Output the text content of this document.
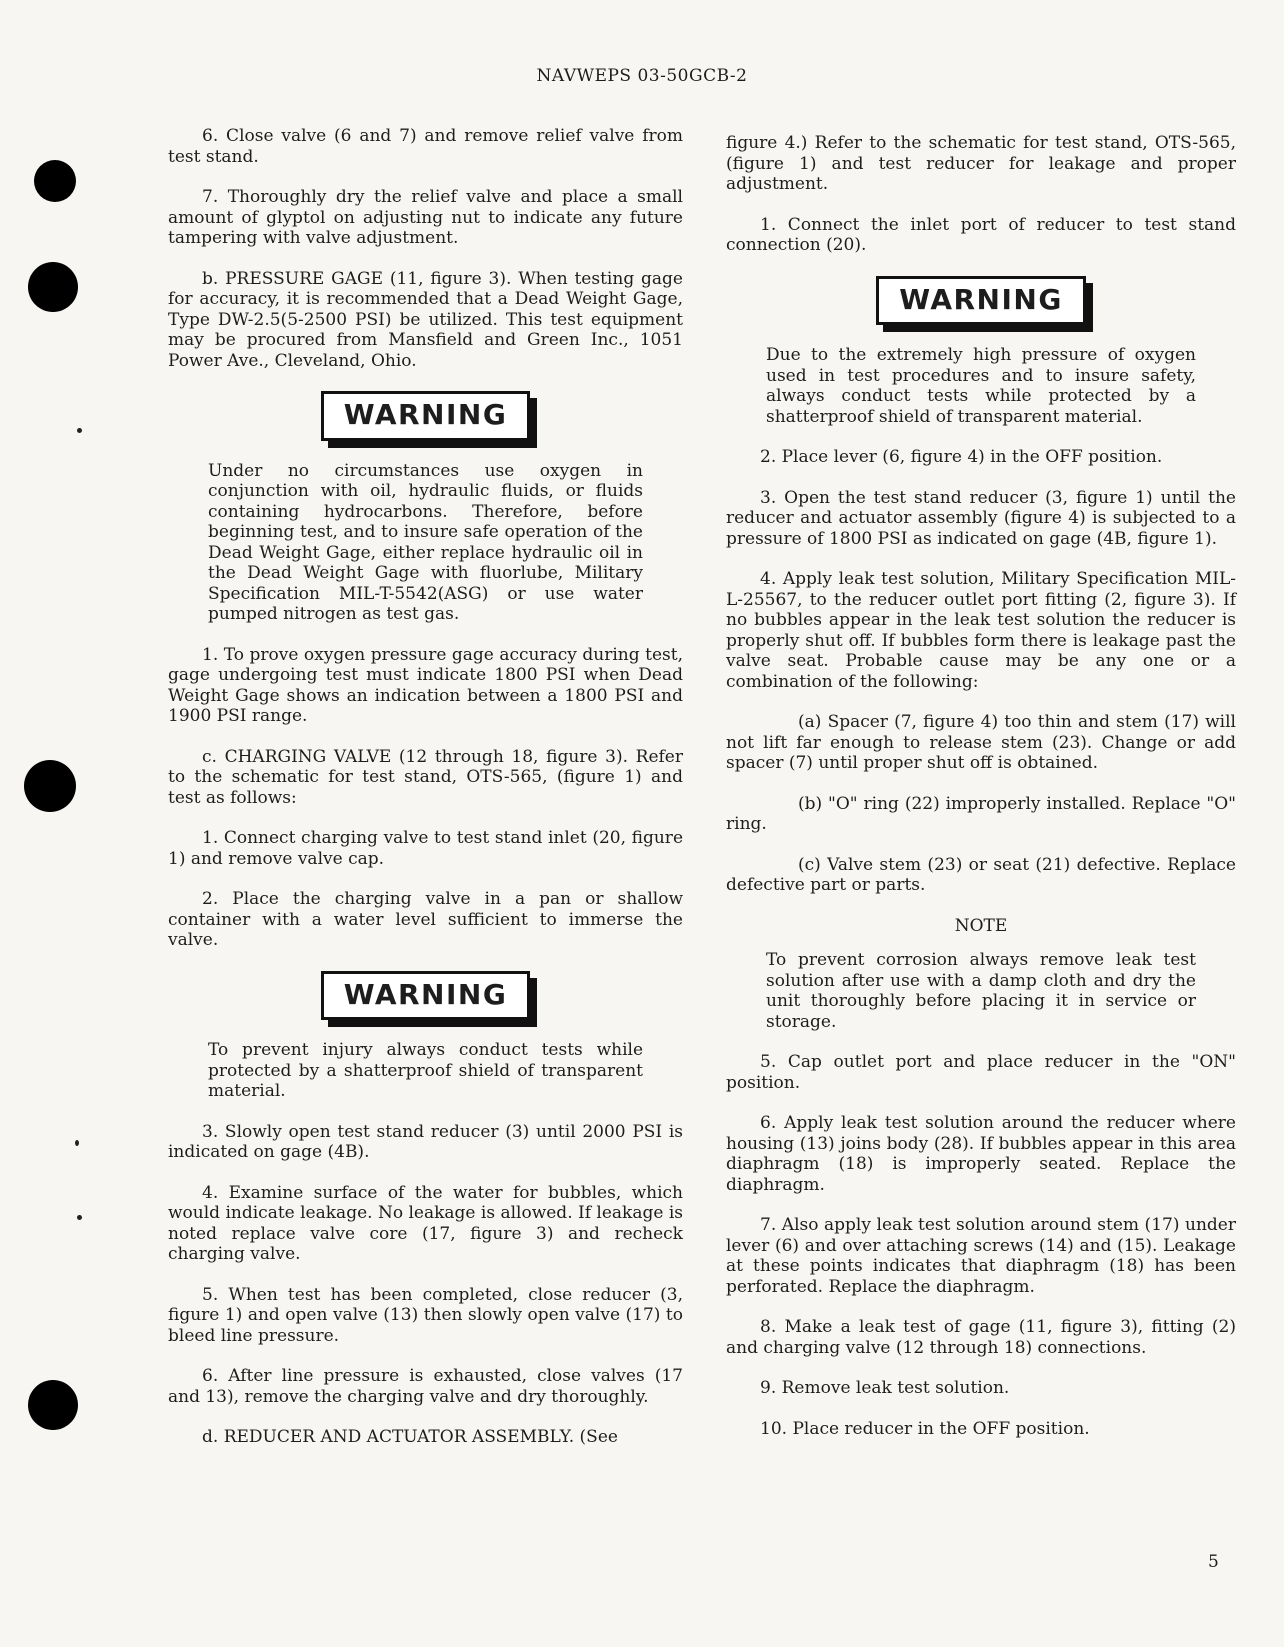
NAVWEPS 03-50GCB-2

6. Close valve (6 and 7) and remove relief valve from test stand.

7. Thoroughly dry the relief valve and place a small amount of glyptol on adjusting nut to indicate any future tampering with valve adjustment.

b. PRESSURE GAGE (11, figure 3). When testing gage for accuracy, it is recommended that a Dead Weight Gage, Type DW-2.5(5-2500 PSI) be utilized. This test equipment may be procured from Mansfield and Green Inc., 1051 Power Ave., Cleveland, Ohio.

WARNING

Under no circumstances use oxygen in conjunction with oil, hydraulic fluids, or fluids containing hydrocarbons. Therefore, before beginning test, and to insure safe operation of the Dead Weight Gage, either replace hydraulic oil in the Dead Weight Gage with fluorlube, Military Specification MIL-T-5542(ASG) or use water pumped nitrogen as test gas.

1. To prove oxygen pressure gage accuracy during test, gage undergoing test must indicate 1800 PSI when Dead Weight Gage shows an indication between a 1800 PSI and 1900 PSI range.

c. CHARGING VALVE (12 through 18, figure 3). Refer to the schematic for test stand, OTS-565, (figure 1) and test as follows:

1. Connect charging valve to test stand inlet (20, figure 1) and remove valve cap.

2. Place the charging valve in a pan or shallow container with a water level sufficient to immerse the valve.

WARNING

To prevent injury always conduct tests while protected by a shatterproof shield of transparent material.

3. Slowly open test stand reducer (3) until 2000 PSI is indicated on gage (4B).

4. Examine surface of the water for bubbles, which would indicate leakage. No leakage is allowed. If leakage is noted replace valve core (17, figure 3) and recheck charging valve.

5. When test has been completed, close reducer (3, figure 1) and open valve (13) then slowly open valve (17) to bleed line pressure.

6. After line pressure is exhausted, close valves (17 and 13), remove the charging valve and dry thoroughly.

d. REDUCER AND ACTUATOR ASSEMBLY. (See

figure 4.) Refer to the schematic for test stand, OTS-565, (figure 1) and test reducer for leakage and proper adjustment.

1. Connect the inlet port of reducer to test stand connection (20).

WARNING

Due to the extremely high pressure of oxygen used in test procedures and to insure safety, always conduct tests while protected by a shatterproof shield of transparent material.

2. Place lever (6, figure 4) in the OFF position.

3. Open the test stand reducer (3, figure 1) until the reducer and actuator assembly (figure 4) is subjected to a pressure of 1800 PSI as indicated on gage (4B, figure 1).

4. Apply leak test solution, Military Specification MIL-L-25567, to the reducer outlet port fitting (2, figure 3). If no bubbles appear in the leak test solution the reducer is properly shut off. If bubbles form there is leakage past the valve seat. Probable cause may be any one or a combination of the following:

(a) Spacer (7, figure 4) too thin and stem (17) will not lift far enough to release stem (23). Change or add spacer (7) until proper shut off is obtained.

(b) "O" ring (22) improperly installed. Replace "O" ring.

(c) Valve stem (23) or seat (21) defective. Replace defective part or parts.

NOTE

To prevent corrosion always remove leak test solution after use with a damp cloth and dry the unit thoroughly before placing it in service or storage.

5. Cap outlet port and place reducer in the "ON" position.

6. Apply leak test solution around the reducer where housing (13) joins body (28). If bubbles appear in this area diaphragm (18) is improperly seated. Replace the diaphragm.

7. Also apply leak test solution around stem (17) under lever (6) and over attaching screws (14) and (15). Leakage at these points indicates that diaphragm (18) has been perforated. Replace the diaphragm.

8. Make a leak test of gage (11, figure 3), fitting (2) and charging valve (12 through 18) connections.

9. Remove leak test solution.

10. Place reducer in the OFF position.

5
